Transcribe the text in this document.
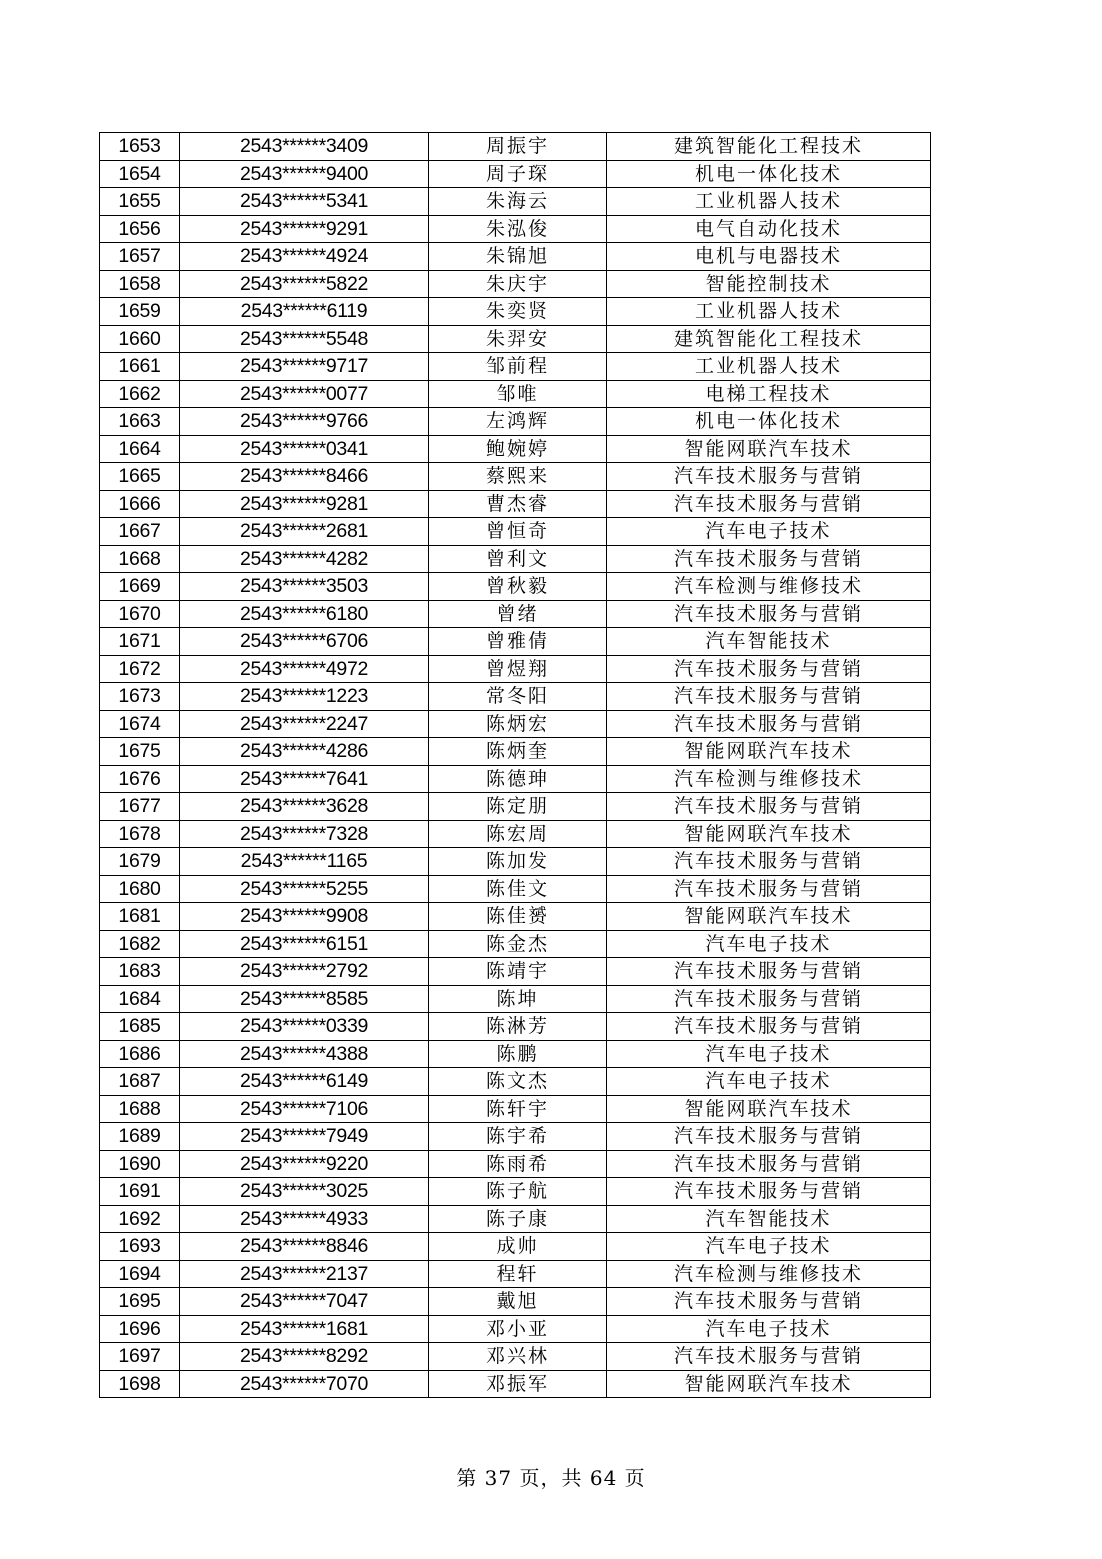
1653	2543******3409	周振宇	建筑智能化工程技术
1654	2543******9400	周子琛	机电一体化技术
1655	2543******5341	朱海云	工业机器人技术
1656	2543******9291	朱泓俊	电气自动化技术
1657	2543******4924	朱锦旭	电机与电器技术
1658	2543******5822	朱庆宇	智能控制技术
1659	2543******6119	朱奕贤	工业机器人技术
1660	2543******5548	朱羿安	建筑智能化工程技术
1661	2543******9717	邹前程	工业机器人技术
1662	2543******0077	邹唯	电梯工程技术
1663	2543******9766	左鸿辉	机电一体化技术
1664	2543******0341	鲍婉婷	智能网联汽车技术
1665	2543******8466	蔡熙来	汽车技术服务与营销
1666	2543******9281	曹杰睿	汽车技术服务与营销
1667	2543******2681	曾恒奇	汽车电子技术
1668	2543******4282	曾利文	汽车技术服务与营销
1669	2543******3503	曾秋毅	汽车检测与维修技术
1670	2543******6180	曾绪	汽车技术服务与营销
1671	2543******6706	曾雅倩	汽车智能技术
1672	2543******4972	曾煜翔	汽车技术服务与营销
1673	2543******1223	常冬阳	汽车技术服务与营销
1674	2543******2247	陈炳宏	汽车技术服务与营销
1675	2543******4286	陈炳奎	智能网联汽车技术
1676	2543******7641	陈德珅	汽车检测与维修技术
1677	2543******3628	陈定朋	汽车技术服务与营销
1678	2543******7328	陈宏周	智能网联汽车技术
1679	2543******1165	陈加发	汽车技术服务与营销
1680	2543******5255	陈佳文	汽车技术服务与营销
1681	2543******9908	陈佳赟	智能网联汽车技术
1682	2543******6151	陈金杰	汽车电子技术
1683	2543******2792	陈靖宇	汽车技术服务与营销
1684	2543******8585	陈坤	汽车技术服务与营销
1685	2543******0339	陈淋芳	汽车技术服务与营销
1686	2543******4388	陈鹏	汽车电子技术
1687	2543******6149	陈文杰	汽车电子技术
1688	2543******7106	陈轩宇	智能网联汽车技术
1689	2543******7949	陈宇希	汽车技术服务与营销
1690	2543******9220	陈雨希	汽车技术服务与营销
1691	2543******3025	陈子航	汽车技术服务与营销
1692	2543******4933	陈子康	汽车智能技术
1693	2543******8846	成帅	汽车电子技术
1694	2543******2137	程轩	汽车检测与维修技术
1695	2543******7047	戴旭	汽车技术服务与营销
1696	2543******1681	邓小亚	汽车电子技术
1697	2543******8292	邓兴林	汽车技术服务与营销
1698	2543******7070	邓振军	智能网联汽车技术
第 37 页，共 64 页
